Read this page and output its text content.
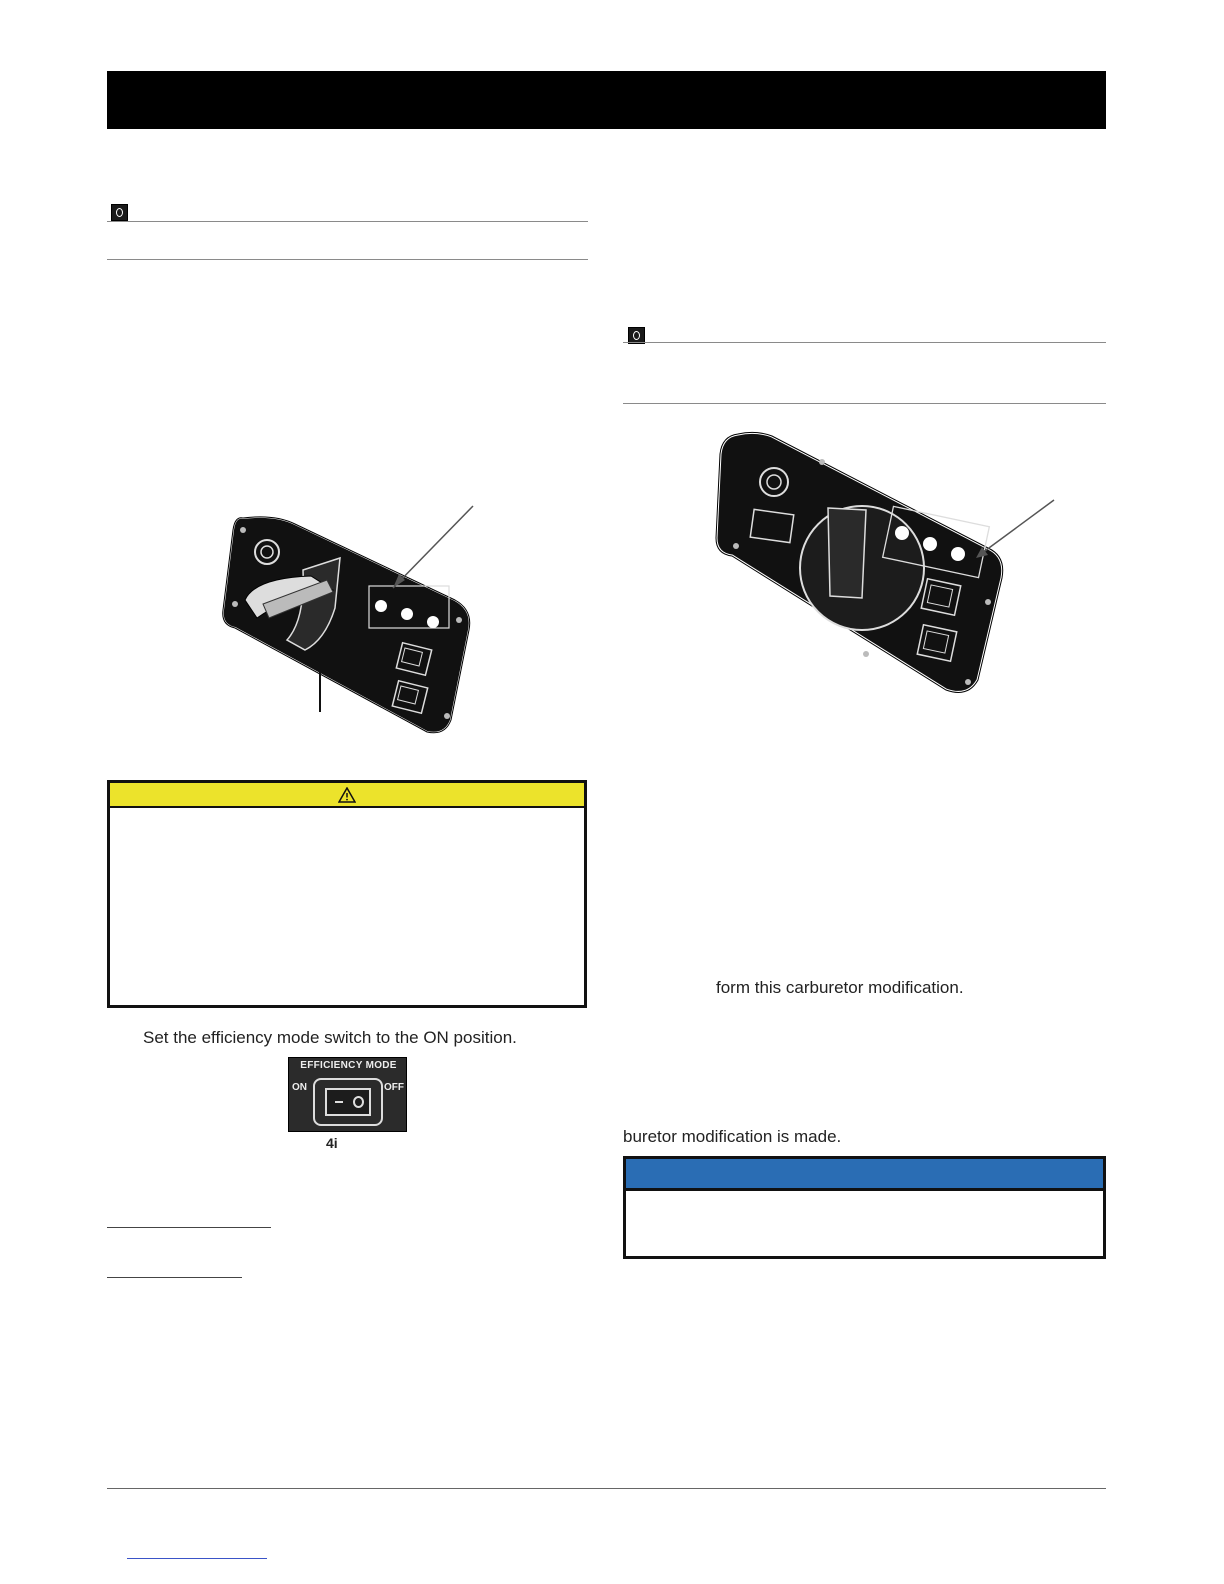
Set the efficiency mode switch to the ON position.
EFFICIENCY MODE
ON	OFF
4i
form this carburetor modification.
buretor modification is made.
